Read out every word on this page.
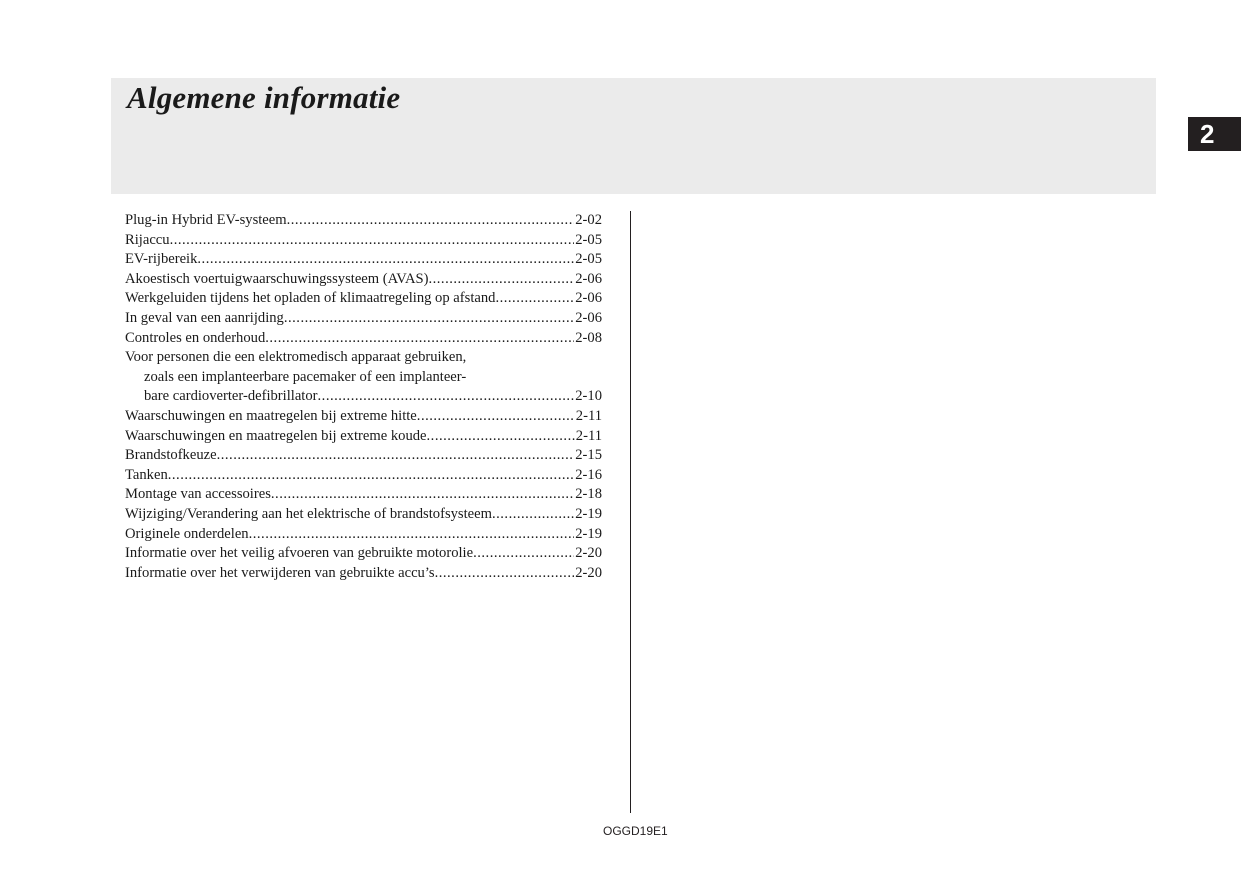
Algemene informatie
2
Plug-in Hybrid EV-systeem .....	2-02
Rijaccu .....	2-05
EV-rijbereik .....	2-05
Akoestisch voertuigwaarschuwingssysteem (AVAS) .....	2-06
Werkgeluiden tijdens het opladen of klimaatregeling op afstand .....	2-06
In geval van een aanrijding .....	2-06
Controles en onderhoud .....	2-08
Voor personen die een elektromedisch apparaat gebruiken,
zoals een implanteerbare pacemaker of een implanteer-
bare cardioverter-defibrillator .....	2-10
Waarschuwingen en maatregelen bij extreme hitte .....	2-11
Waarschuwingen en maatregelen bij extreme koude .....	2-11
Brandstofkeuze .....	2-15
Tanken .....	2-16
Montage van accessoires .....	2-18
Wijziging/Verandering aan het elektrische of brandstofsysteem .....	2-19
Originele onderdelen .....	2-19
Informatie over het veilig afvoeren van gebruikte motorolie .....	2-20
Informatie over het verwijderen van gebruikte accu’s .....	2-20
OGGD19E1
